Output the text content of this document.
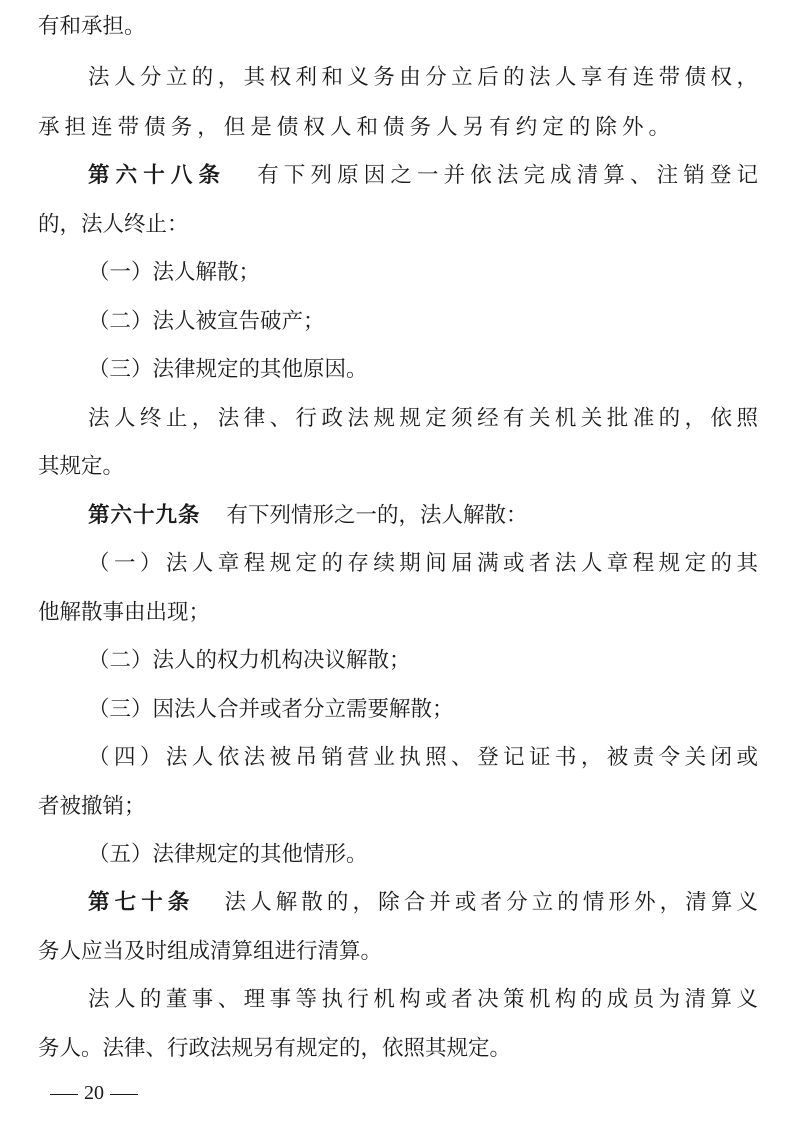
有和承担。
法人分立的，其权利和义务由分立后的法人享有连带债权，
承担连带债务，但是债权人和债务人另有约定的除外。
第六十八条 有下列原因之一并依法完成清算、注销登记
的，法人终止：
（一）法人解散；
（二）法人被宣告破产；
（三）法律规定的其他原因。
法人终止，法律、行政法规规定须经有关机关批准的，依照
其规定。
第六十九条 有下列情形之一的，法人解散：
（一）法人章程规定的存续期间届满或者法人章程规定的其
他解散事由出现；
（二）法人的权力机构决议解散；
（三）因法人合并或者分立需要解散；
（四）法人依法被吊销营业执照、登记证书，被责令关闭或
者被撤销；
（五）法律规定的其他情形。
第七十条 法人解散的，除合并或者分立的情形外，清算义
务人应当及时组成清算组进行清算。
法人的董事、理事等执行机构或者决策机构的成员为清算义
务人。法律、行政法规另有规定的，依照其规定。
20
